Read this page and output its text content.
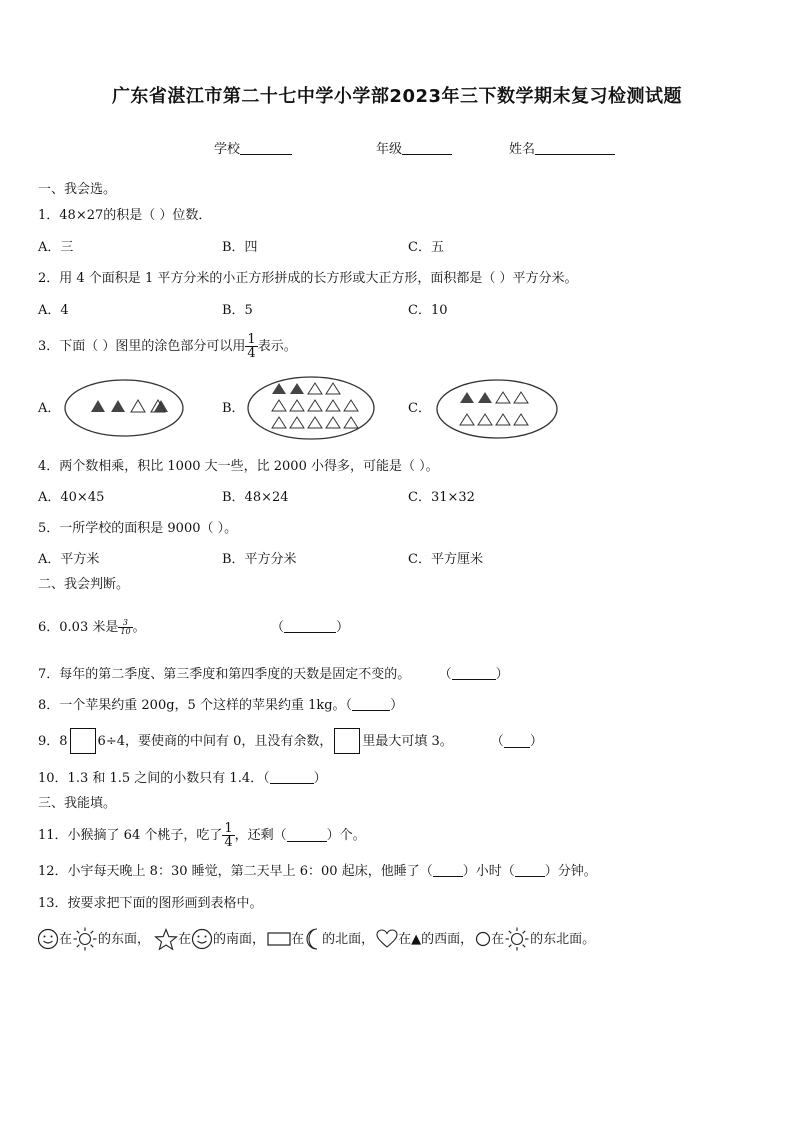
广东省湛江市第二十七中学小学部2023年三下数学期末复习检测试题
学校	年级	姓名
一、我会选。
1．48×27的积是（ ）位数．
A．三	B．四	C．五
2．用 4 个面积是 1 平方分米的小正方形拼成的长方形或大正方形，面积都是（ ）平方分米。
A．4	B．5	C．10
3．下面（ ）图里的涂色部分可以用 $\frac{1}{4}$ 表示。
A．	B．	C．
4．两个数相乘，积比 1000 大一些，比 2000 小得多，可能是（ ）。
A．40×45	B．48×24	C．31×32
5．一所学校的面积是 9000（ ）。
A．平方米	B．平方分米	C．平方厘米
二、我会判断。
6．0.03 米是 $\frac{3}{10}$ 。	（	）
7．每年的第二季度、第三季度和第四季度的天数是固定不变的。 （	）
8．一个苹果约重 200g，5 个这样的苹果约重 1kg。（	）
9．8 6÷4，要使商的中间有 0，且没有余数， 里最大可填 3。	（ ）
10．1.3 和 1.5 之间的小数只有 1.4．（	）
三、我能填。
11．小猴摘了 64 个桃子，吃了 $\frac{1}{4}$ ，还剩（	）个。
12．小宇每天晚上 8：30 睡觉，第二天早上 6：00 起床，他睡了（ ）小时（ ）分钟。
13．按要求把下面的图形画到表格中。
在 的东面， 在 的南面， 在 的北面， 在 ▲的西面， 在 的东北面。
